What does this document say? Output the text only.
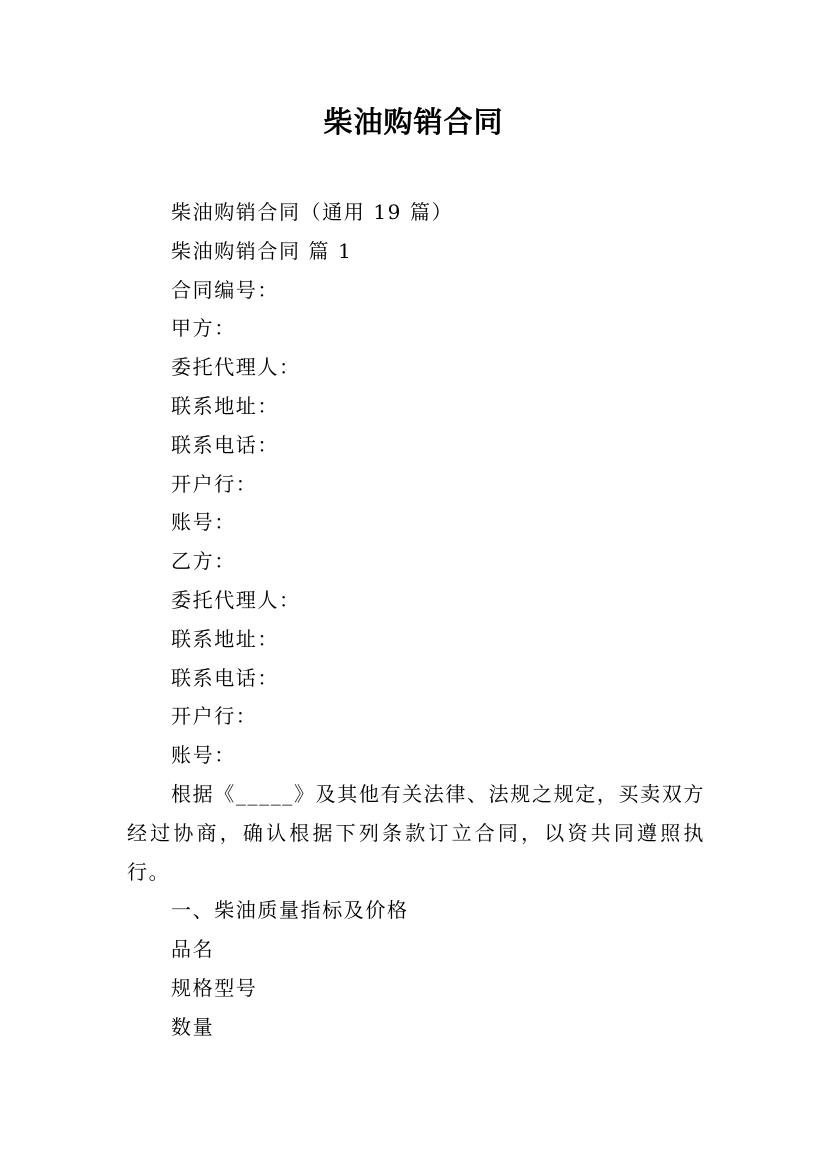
柴油购销合同

柴油购销合同（通用 19 篇）

柴油购销合同 篇 1

合同编号：

甲方：

委托代理人：

联系地址：

联系电话：

开户行：

账号：

乙方：

委托代理人：

联系地址：

联系电话：

开户行：

账号：

根据《_____》及其他有关法律、法规之规定，买卖双方经过协商，确认根据下列条款订立合同，以资共同遵照执行。

一、柴油质量指标及价格

品名

规格型号

数量
